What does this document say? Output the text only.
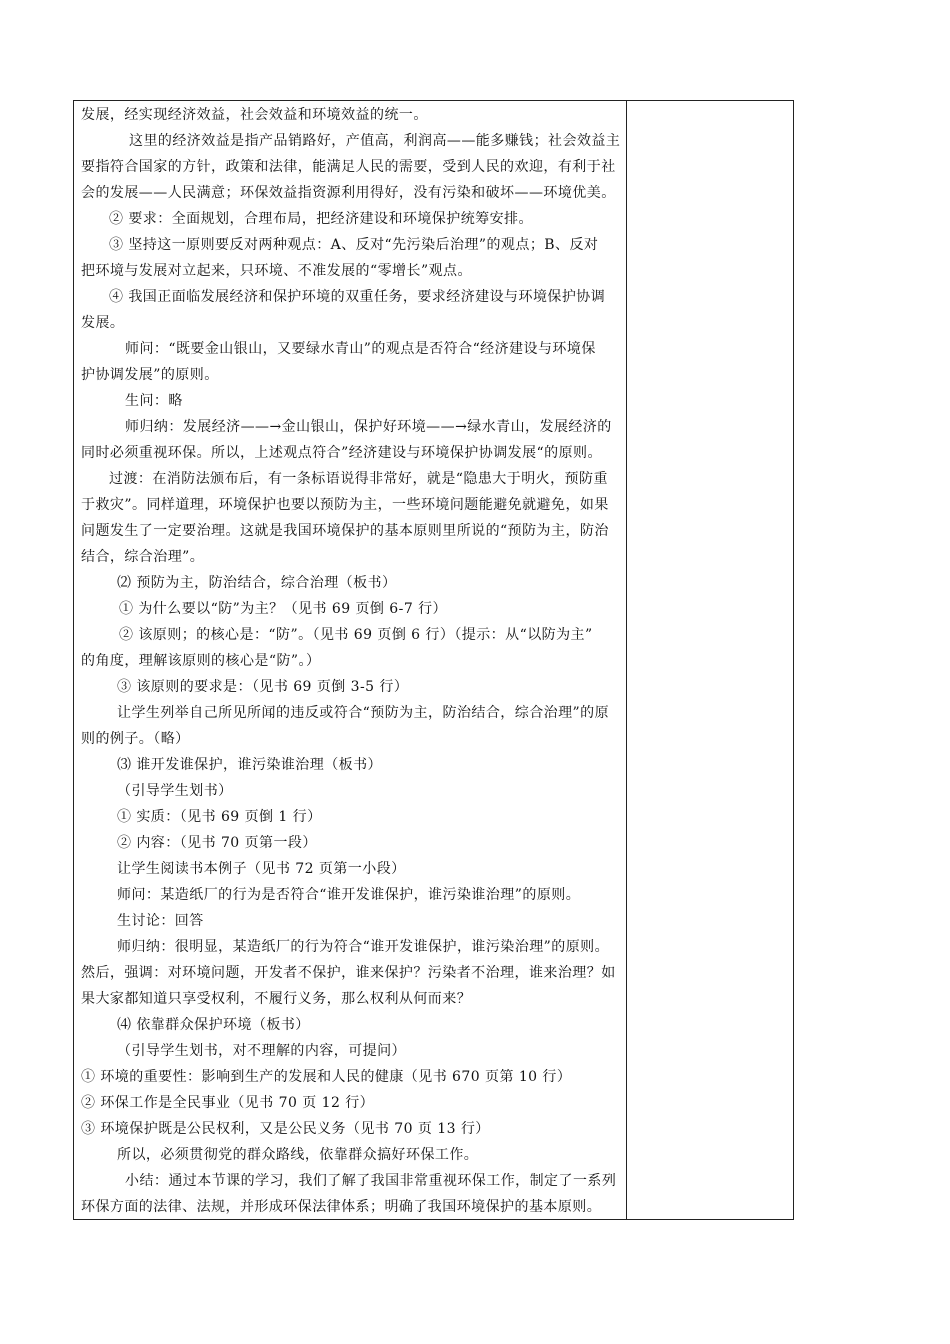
发展，经实现经济效益，社会效益和环境效益的统一。
这里的经济效益是指产品销路好，产值高，利润高——能多赚钱；社会效益主
要指符合国家的方针，政策和法律，能满足人民的需要，受到人民的欢迎，有利于社
会的发展——人民满意；环保效益指资源利用得好，没有污染和破坏——环境优美。
② 要求：全面规划，合理布局，把经济建设和环境保护统筹安排。
③ 坚持这一原则要反对两种观点：A、反对“先污染后治理”的观点；B、反对
把环境与发展对立起来，只环境、不准发展的“零增长”观点。
④ 我国正面临发展经济和保护环境的双重任务，要求经济建设与环境保护协调
发展。
师问：“既要金山银山，又要绿水青山”的观点是否符合“经济建设与环境保
护协调发展”的原则。
生问：略
师归纳：发展经济——→金山银山，保护好环境——→绿水青山，发展经济的
同时必须重视环保。所以，上述观点符合”经济建设与环境保护协调发展“的原则。
过渡：在消防法颁布后，有一条标语说得非常好，就是“隐患大于明火，预防重
于救灾”。同样道理，环境保护也要以预防为主，一些环境问题能避免就避免，如果
问题发生了一定要治理。这就是我国环境保护的基本原则里所说的“预防为主，防治
结合，综合治理”。
⑵ 预防为主，防治结合，综合治理（板书）
① 为什么要以“防”为主？（见书 69 页倒 6-7 行）
② 该原则；的核心是：“防”。（见书 69 页倒 6 行）（提示：从“以防为主”
的角度，理解该原则的核心是“防”。）
③ 该原则的要求是：（见书 69 页倒 3-5 行）
让学生列举自己所见所闻的违反或符合“预防为主，防治结合，综合治理”的原
则的例子。（略）
⑶ 谁开发谁保护，谁污染谁治理（板书）
（引导学生划书）
① 实质：（见书 69 页倒 1 行）
② 内容：（见书 70 页第一段）
让学生阅读书本例子（见书 72 页第一小段）
师问：某造纸厂的行为是否符合“谁开发谁保护，谁污染谁治理”的原则。
生讨论：回答
师归纳：很明显，某造纸厂的行为符合“谁开发谁保护，谁污染治理”的原则。
然后，强调：对环境问题，开发者不保护，谁来保护？污染者不治理，谁来治理？如
果大家都知道只享受权利，不履行义务，那么权利从何而来？
⑷ 依靠群众保护环境（板书）
（引导学生划书，对不理解的内容，可提问）
① 环境的重要性：影响到生产的发展和人民的健康（见书 670 页第 10 行）
② 环保工作是全民事业（见书 70 页 12 行）
③ 环境保护既是公民权利，又是公民义务（见书 70 页 13 行）
所以，必须贯彻党的群众路线，依靠群众搞好环保工作。
小结：通过本节课的学习，我们了解了我国非常重视环保工作，制定了一系列
环保方面的法律、法规，并形成环保法律体系；明确了我国环境保护的基本原则。
